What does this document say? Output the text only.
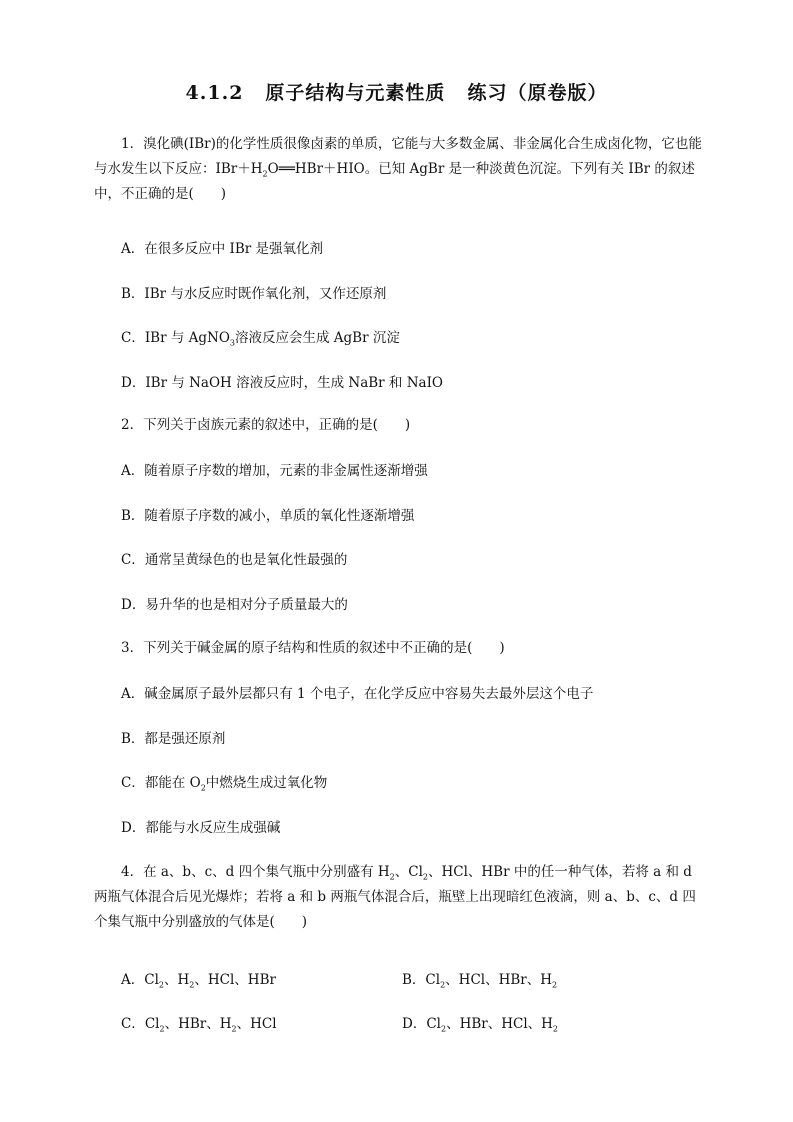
4.1.2 原子结构与元素性质 练习（原卷版）

1．溴化碘(IBr)的化学性质很像卤素的单质，它能与大多数金属、非金属化合生成卤化物，它也能与水发生以下反应：$IBr+H_2O══HBr+HIO$。已知 AgBr 是一种淡黄色沉淀。下列有关 IBr 的叙述中，不正确的是(　　)

A．在很多反应中 IBr 是强氧化剂

B．IBr 与水反应时既作氧化剂，又作还原剂

C．IBr 与 AgNO$_3$溶液反应会生成 AgBr 沉淀

D．IBr 与 NaOH 溶液反应时，生成 NaBr 和 NaIO

2．下列关于卤族元素的叙述中，正确的是(　　)

A．随着原子序数的增加，元素的非金属性逐渐增强

B．随着原子序数的减小，单质的氧化性逐渐增强

C．通常呈黄绿色的也是氧化性最强的

D．易升华的也是相对分子质量最大的

3．下列关于碱金属的原子结构和性质的叙述中不正确的是(　　)

A．碱金属原子最外层都只有 1 个电子，在化学反应中容易失去最外层这个电子

B．都是强还原剂

C．都能在 $O_2$中燃烧生成过氧化物

D．都能与水反应生成强碱

4．在 a、b、c、d 四个集气瓶中分别盛有 $H_2$、$Cl_2$、HCl、HBr 中的任一种气体，若将 a 和 d 两瓶气体混合后见光爆炸；若将 a 和 b 两瓶气体混合后，瓶壁上出现暗红色液滴，则 a、b、c、d 四个集气瓶中分别盛放的气体是(　　)

A．$Cl_2$、$H_2$、HCl、HBr	B．$Cl_2$、HCl、HBr、$H_2$

C．$Cl_2$、HBr、$H_2$、HCl	D．$Cl_2$、HBr、HCl、$H_2$
